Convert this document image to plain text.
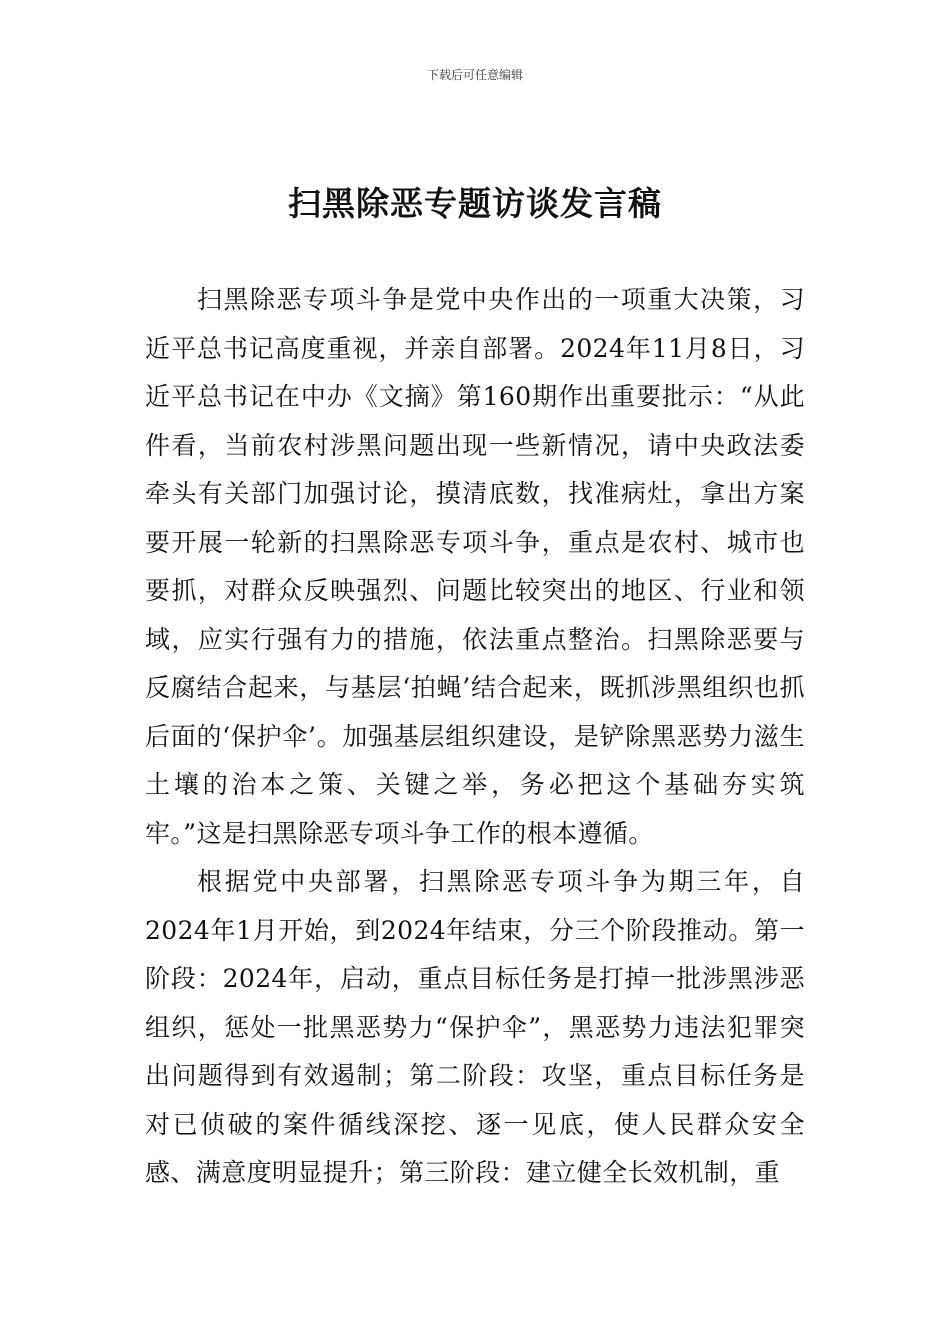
下载后可任意编辑
扫黑除恶专题访谈发言稿

扫黑除恶专项斗争是党中央作出的一项重大决策，习近平总书记高度重视，并亲自部署。2024年11月8日，习近平总书记在中办《文摘》第160期作出重要批示：“从此件看，当前农村涉黑问题出现一些新情况，请中央政法委牵头有关部门加强讨论，摸清底数，找准病灶，拿出方案要开展一轮新的扫黑除恶专项斗争，重点是农村、城市也要抓，对群众反映强烈、问题比较突出的地区、行业和领域，应实行强有力的措施，依法重点整治。扫黑除恶要与反腐结合起来，与基层‘拍蝇’结合起来，既抓涉黑组织也抓后面的‘保护伞’。加强基层组织建设，是铲除黑恶势力滋生土壤的治本之策、关键之举，务必把这个基础夯实筑牢。”这是扫黑除恶专项斗争工作的根本遵循。

根据党中央部署，扫黑除恶专项斗争为期三年，自2024年1月开始，到2024年结束，分三个阶段推动。第一阶段：2024年，启动，重点目标任务是打掉一批涉黑涉恶组织，惩处一批黑恶势力“保护伞”，黑恶势力违法犯罪突出问题得到有效遏制；第二阶段：攻坚，重点目标任务是对已侦破的案件循线深挖、逐一见底，使人民群众安全感、满意度明显提升；第三阶段：建立健全长效机制，重
